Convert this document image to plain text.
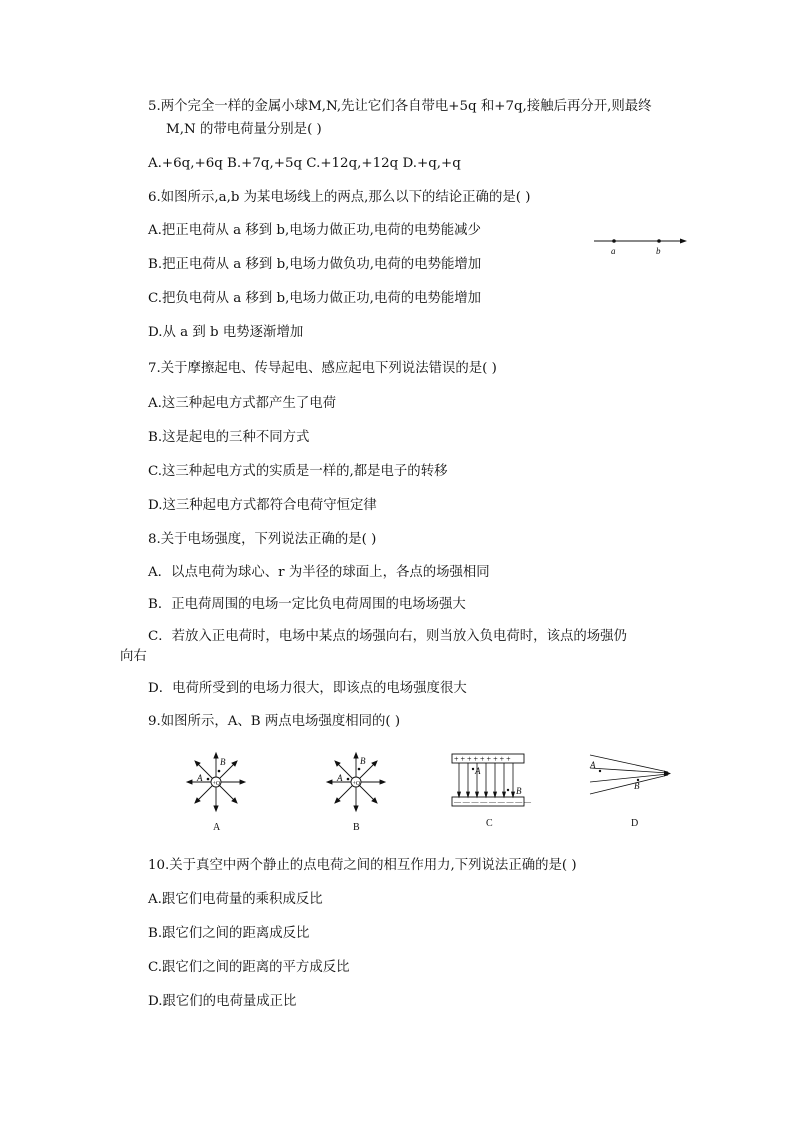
5.两个完全一样的金属小球M,N,先让它们各自带电+5q 和+7q,接触后再分开,则最终
M,N 的带电荷量分别是( )
A.+6q,+6q B.+7q,+5q C.+12q,+12q D.+q,+q
6.如图所示,a,b 为某电场线上的两点,那么以下的结论正确的是( )
A.把正电荷从 a 移到 b,电场力做正功,电荷的电势能减少
B.把正电荷从 a 移到 b,电场力做负功,电荷的电势能增加
C.把负电荷从 a 移到 b,电场力做正功,电荷的电势能增加
D.从 a 到 b 电势逐渐增加
a	b
7.关于摩擦起电、传导起电、感应起电下列说法错误的是( )
A.这三种起电方式都产生了电荷
B.这是起电的三种不同方式
C.这三种起电方式的实质是一样的,都是电子的转移
D.这三种起电方式都符合电荷守恒定律
8.关于电场强度，下列说法正确的是( )
A．以点电荷为球心、r 为半径的球面上，各点的场强相同
B．正电荷周围的电场一定比负电荷周围的电场场强大
C．若放入正电荷时，电场中某点的场强向右，则当放入负电荷时，该点的场强仍
向右
D．电荷所受到的电场力很大，即该点的电场强度很大
9.如图所示，A、B 两点电场强度相同的( )
+Q
A
B
A
+Q
A
B
B
+ + + + + + + + +
— — — — — — — — —
A
B
C
A
B
D
10.关于真空中两个静止的点电荷之间的相互作用力,下列说法正确的是( )
A.跟它们电荷量的乘积成反比
B.跟它们之间的距离成反比
C.跟它们之间的距离的平方成反比
D.跟它们的电荷量成正比
